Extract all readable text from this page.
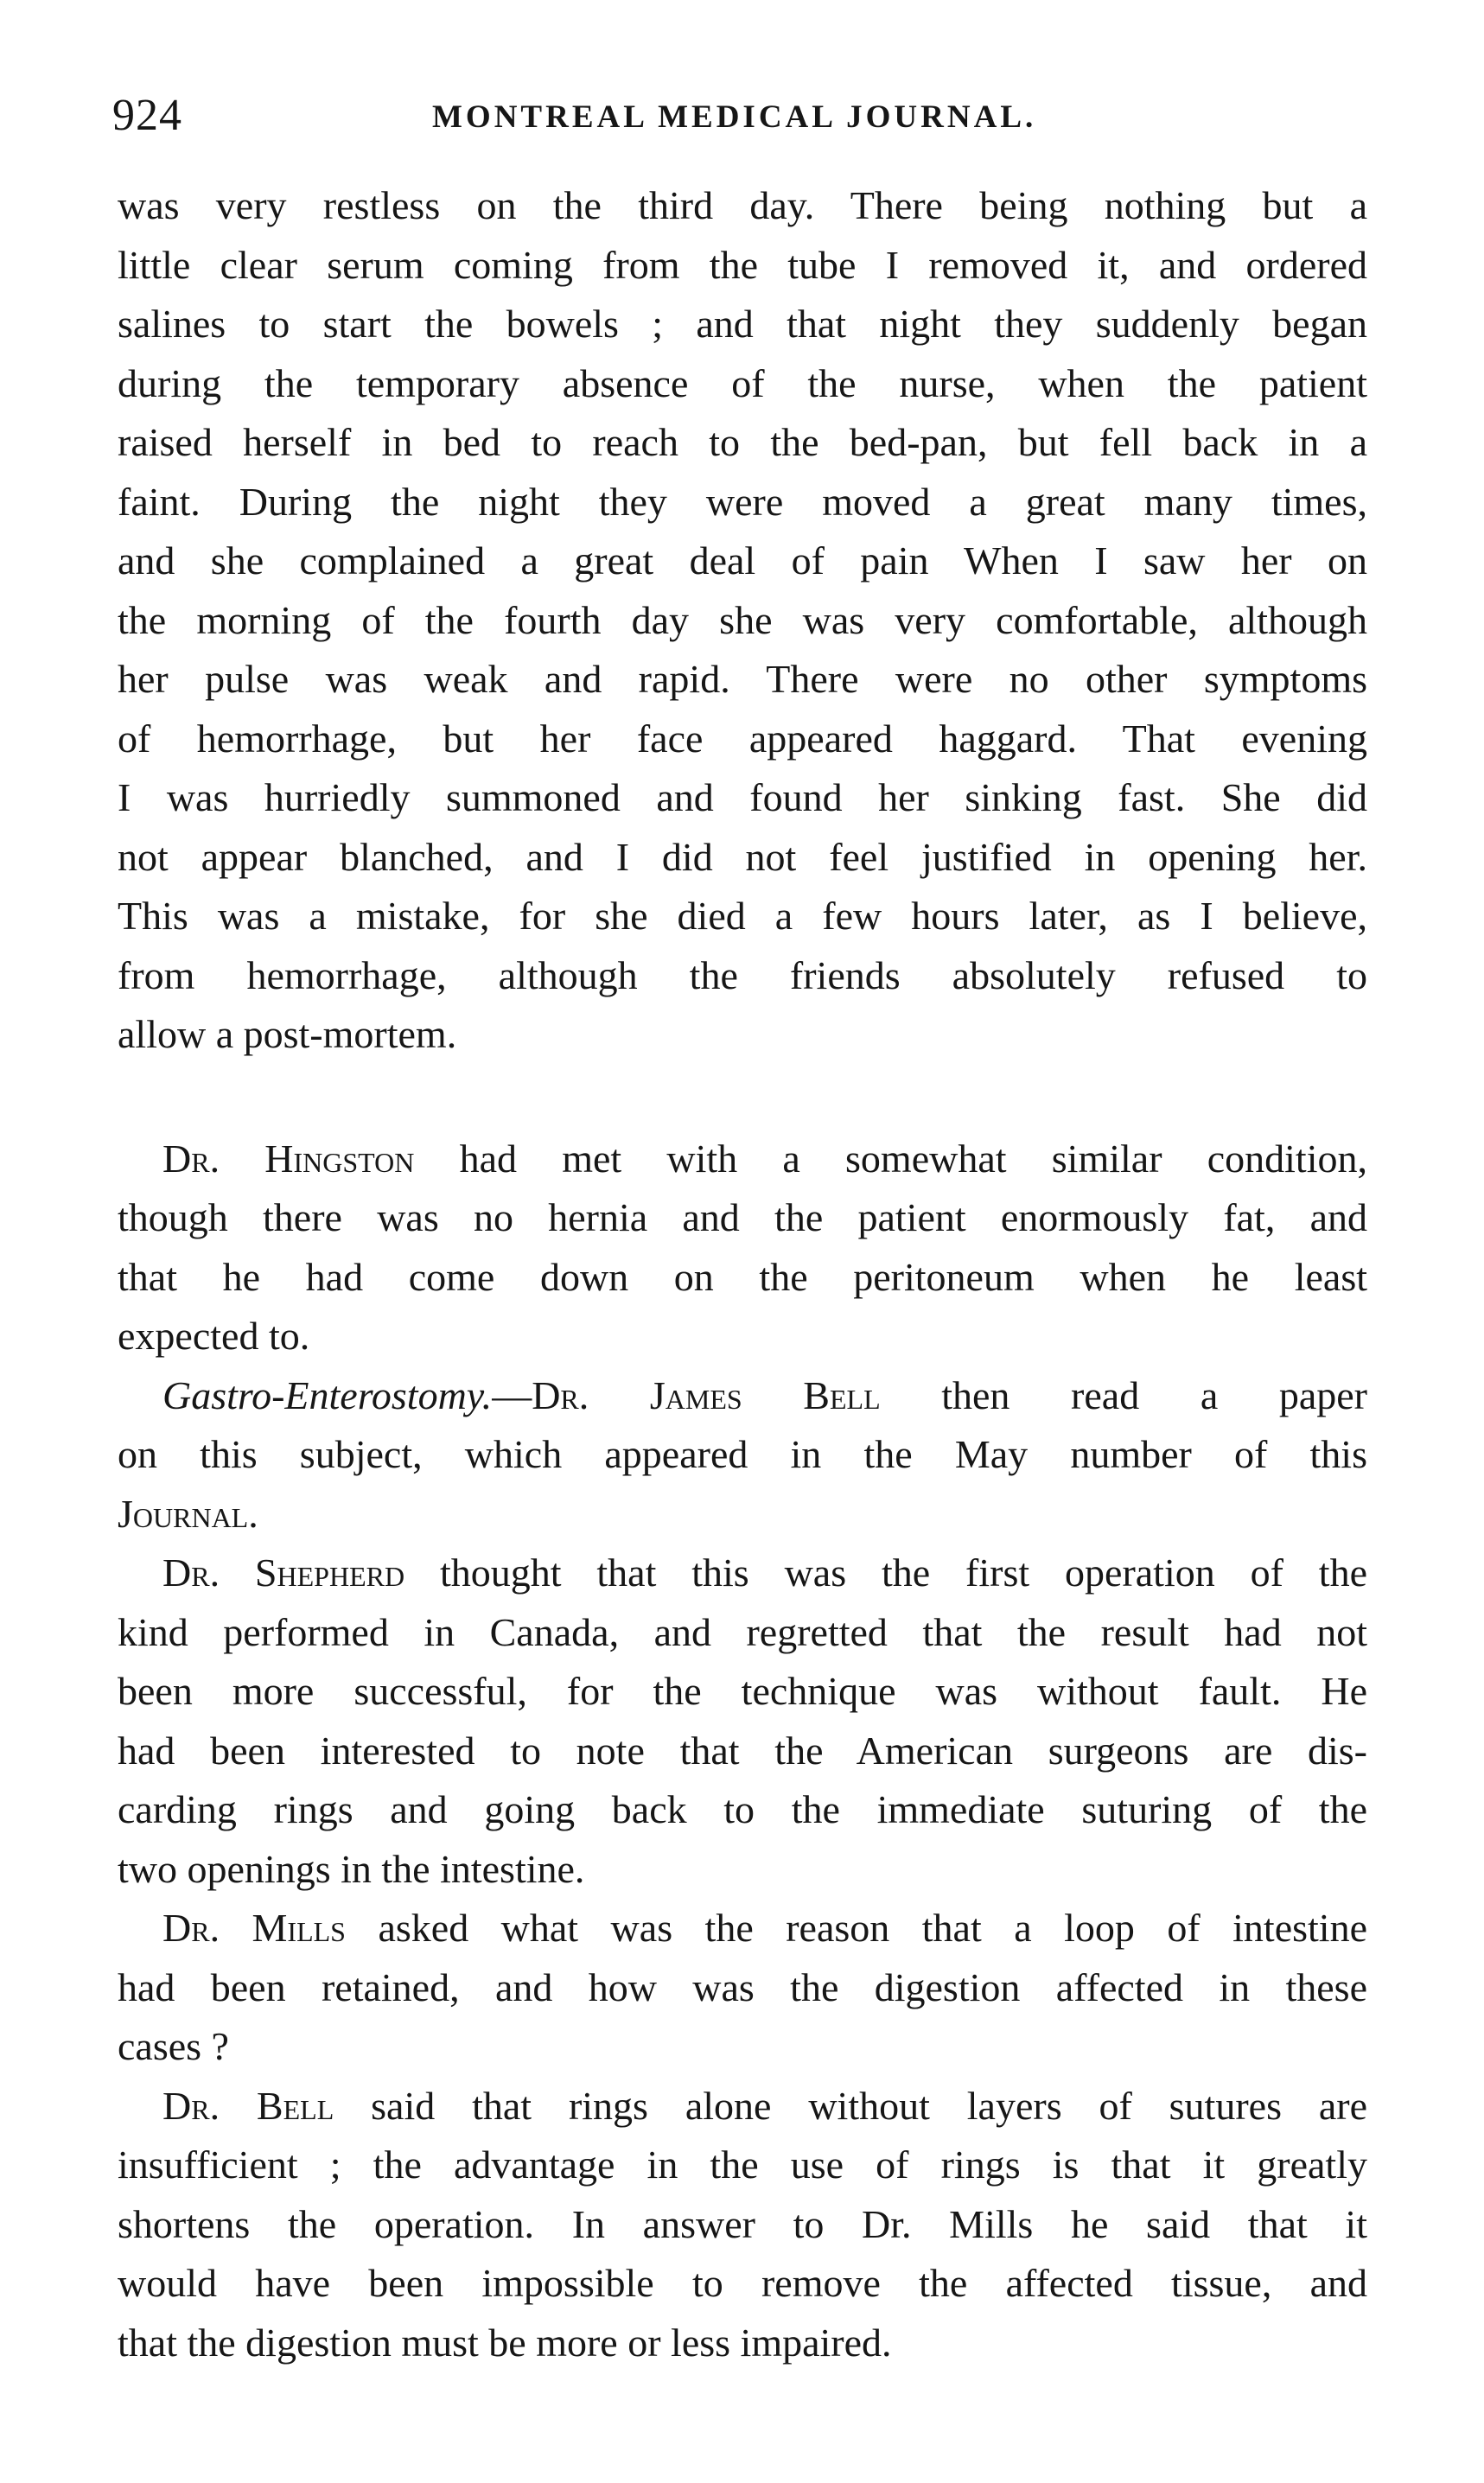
924	MONTREAL MEDICAL JOURNAL.
was very restless on the third day. There being nothing but a
little clear serum coming from the tube I removed it, and ordered
salines to start the bowels ; and that night they suddenly began
during the temporary absence of the nurse, when the patient
raised herself in bed to reach to the bed-pan, but fell back in a
faint. During the night they were moved a great many times,
and she complained a great deal of pain When I saw her on
the morning of the fourth day she was very comfortable, although
her pulse was weak and rapid. There were no other symptoms
of hemorrhage, but her face appeared haggard. That evening
I was hurriedly summoned and found her sinking fast. She did
not appear blanched, and I did not feel justified in opening her.
This was a mistake, for she died a few hours later, as I believe,
from hemorrhage, although the friends absolutely refused to
allow a post-mortem.
Dr. Hingston had met with a somewhat similar condition,
though there was no hernia and the patient enormously fat, and
that he had come down on the peritoneum when he least
expected to.
Gastro-Enterostomy.—Dr. James Bell then read a paper
on this subject, which appeared in the May number of this
Journal.
Dr. Shepherd thought that this was the first operation of the
kind performed in Canada, and regretted that the result had not
been more successful, for the technique was without fault. He
had been interested to note that the American surgeons are dis-
carding rings and going back to the immediate suturing of the
two openings in the intestine.
Dr. Mills asked what was the reason that a loop of intestine
had been retained, and how was the digestion affected in these
cases ?
Dr. Bell said that rings alone without layers of sutures are
insufficient ; the advantage in the use of rings is that it greatly
shortens the operation. In answer to Dr. Mills he said that it
would have been impossible to remove the affected tissue, and
that the digestion must be more or less impaired.
